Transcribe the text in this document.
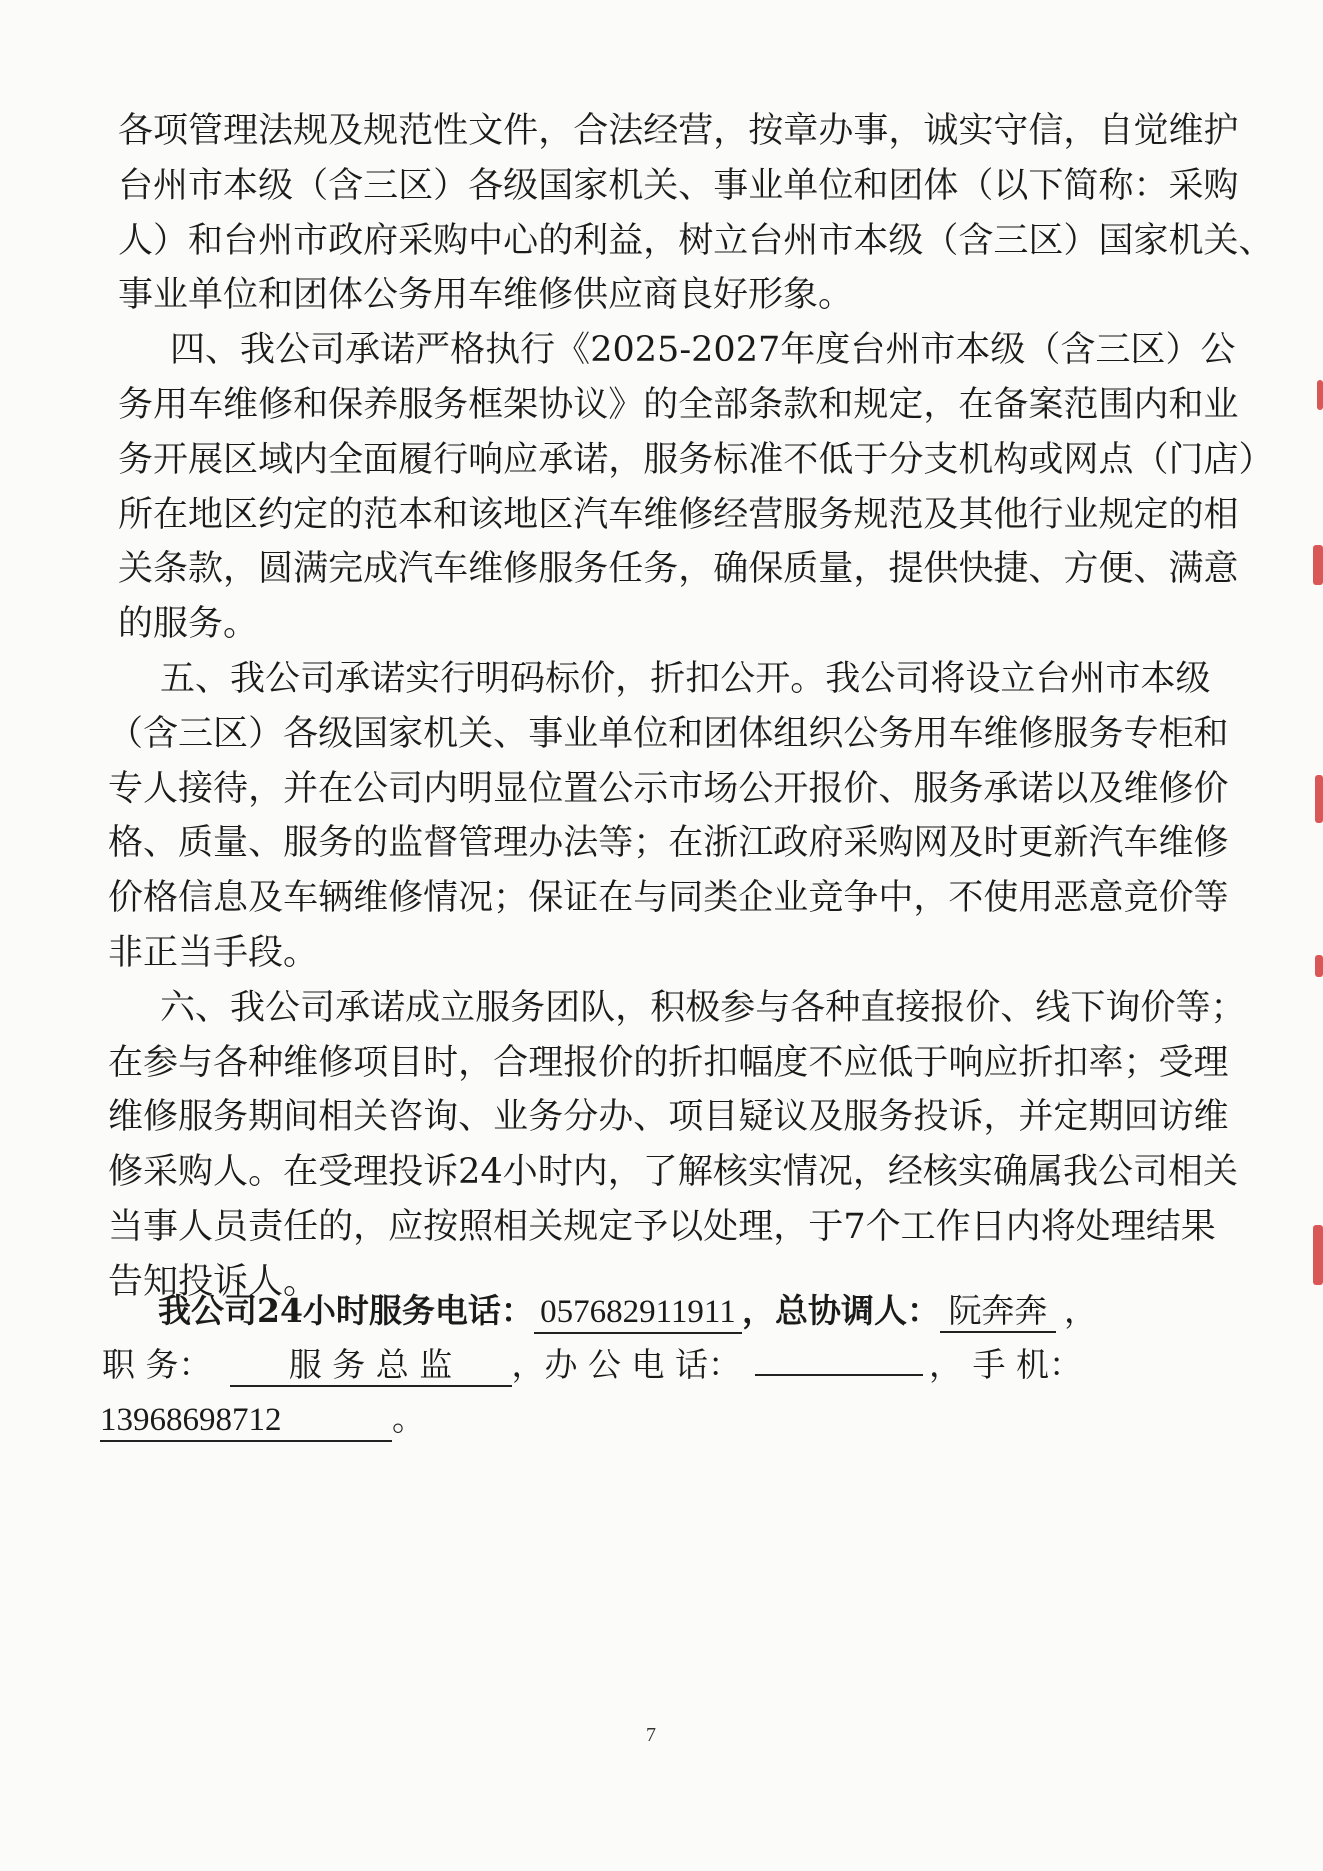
各 项 管 理 法 规 及 规 范 性 文 件 ， 合 法 经 营 ， 按 章 办 事 ， 诚 实 守 信 ， 自 觉 维 护
台 州 市 本 级 （ 含 三 区 ） 各 级 国 家 机 关 、 事 业 单 位 和 团 体 （ 以 下 简 称 ： 采 购
人 ） 和 台 州 市 政 府 采 购 中 心 的 利 益 ， 树 立 台 州 市 本 级 （ 含 三 区 ） 国 家 机 关 、
事业单位和团体公务用车维修供应商良好形象。
四 、 我 公 司 承 诺 严 格 执 行 《 2 0 2 5 - 2 0 2 7 年 度 台 州 市 本 级 （ 含 三 区 ） 公
务 用 车 维 修 和 保 养 服 务 框 架 协 议 》 的 全 部 条 款 和 规 定 ， 在 备 案 范 围 内 和 业
务 开 展 区 域 内 全 面 履 行 响 应 承 诺 ， 服 务 标 准 不 低 于 分 支 机 构 或 网 点 （ 门 店 ）
所 在 地 区 约 定 的 范 本 和 该 地 区 汽 车 维 修 经 营 服 务 规 范 及 其 他 行 业 规 定 的 相
关 条 款 ， 圆 满 完 成 汽 车 维 修 服 务 任 务 ， 确 保 质 量 ， 提 供 快 捷 、 方 便 、 满 意
的服务。
五 、 我 公 司 承 诺 实 行 明 码 标 价 ， 折 扣 公 开 。 我 公 司 将 设 立 台 州 市 本 级
（ 含 三 区 ） 各 级 国 家 机 关 、 事 业 单 位 和 团 体 组 织 公 务 用 车 维 修 服 务 专 柜 和
专 人 接 待 ， 并 在 公 司 内 明 显 位 置 公 示 市 场 公 开 报 价 、 服 务 承 诺 以 及 维 修 价
格 、 质 量 、 服 务 的 监 督 管 理 办 法 等 ； 在 浙 江 政 府 采 购 网 及 时 更 新 汽 车 维 修
价 格 信 息 及 车 辆 维 修 情 况 ； 保 证 在 与 同 类 企 业 竞 争 中 ， 不 使 用 恶 意 竞 价 等
非正当手段。
六 、 我 公 司 承 诺 成 立 服 务 团 队 ， 积 极 参 与 各 种 直 接 报 价 、 线 下 询 价 等 ；
在 参 与 各 种 维 修 项 目 时 ， 合 理 报 价 的 折 扣 幅 度 不 应 低 于 响 应 折 扣 率 ； 受 理
维 修 服 务 期 间 相 关 咨 询 、 业 务 分 办 、 项 目 疑 议 及 服 务 投 诉 ， 并 定 期 回 访 维
修 采 购 人 。 在 受 理 投 诉 2 4 小 时 内 ， 了 解 核 实 情 况 ， 经 核 实 确 属 我 公 司 相 关
当 事 人 员 责 任 的 ， 应 按 照 相 关 规 定 予 以 处 理 ， 于 7 个 工 作 日 内 将 处 理 结 果
告知投诉人。
我公司24小时服务电话： 057682911911 ，总协调人： 阮奔奔 ，
职 务： 服 务 总 监 ，办 公 电 话：	， 手 机：
13968698712	。
7
